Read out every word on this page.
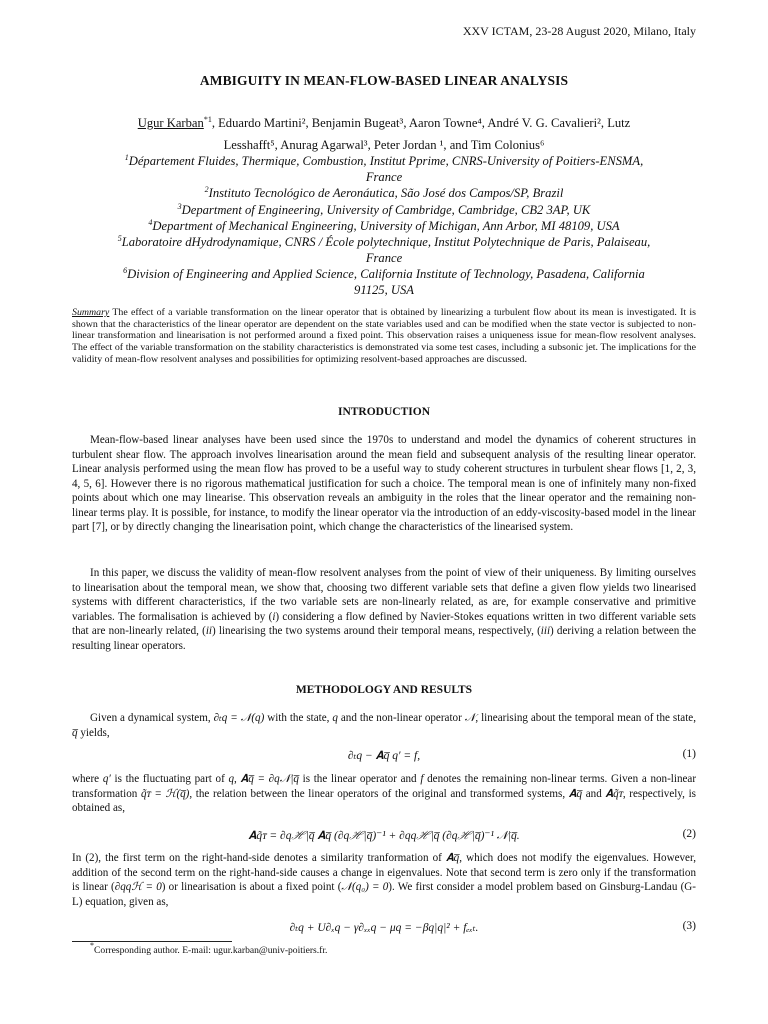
XXV ICTAM, 23-28 August 2020, Milano, Italy
AMBIGUITY IN MEAN-FLOW-BASED LINEAR ANALYSIS
Ugur Karban$^{*1}$, Eduardo Martini², Benjamin Bugeat³, Aaron Towne⁴, André V. G. Cavalieri², Lutz
Lesshafft⁵, Anurag Agarwal³, Peter Jordan ¹, and Tim Colonius⁶
$^1$Département Fluides, Thermique, Combustion, Institut Pprime, CNRS-University of Poitiers-ENSMA,
France
$^2$Instituto Tecnológico de Aeronáutica, São José dos Campos/SP, Brazil
$^3$Department of Engineering, University of Cambridge, Cambridge, CB2 3AP, UK
$^4$Department of Mechanical Engineering, University of Michigan, Ann Arbor, MI 48109, USA
$^5$Laboratoire dHydrodynamique, CNRS / École polytechnique, Institut Polytechnique de Paris, Palaiseau,
France
$^6$Division of Engineering and Applied Science, California Institute of Technology, Pasadena, California
91125, USA
Summary The effect of a variable transformation on the linear operator that is obtained by linearizing a turbulent flow about its mean is investigated. It is shown that the characteristics of the linear operator are dependent on the state variables used and can be modified when the state vector is subjected to non-linear transformation and linearisation is not performed around a fixed point. This observation raises a uniqueness issue for mean-flow resolvent analyses. The effect of the variable transformation on the stability characteristics is demonstrated via some test cases, including a subsonic jet. The implications for the validity of mean-flow resolvent analyses and possibilities for optimizing resolvent-based approaches are discussed.
INTRODUCTION
Mean-flow-based linear analyses have been used since the 1970s to understand and model the dynamics of coherent structures in turbulent shear flow. The approach involves linearisation around the mean field and subsequent analysis of the resulting linear operator. Linear analysis performed using the mean flow has proved to be a useful way to study coherent structures in turbulent shear flows [1, 2, 3, 4, 5, 6]. However there is no rigorous mathematical justification for such a choice. The temporal mean is one of infinitely many non-fixed points about which one may linearise. This observation reveals an ambiguity in the roles that the linear operator and the remaining non-linear terms play. It is possible, for instance, to modify the linear operator via the introduction of an eddy-viscosity-based model in the linear part [7], or by directly changing the linearisation point, which change the characteristics of the linearised system.
In this paper, we discuss the validity of mean-flow resolvent analyses from the point of view of their uniqueness. By limiting ourselves to linearisation about the temporal mean, we show that, choosing two different variable sets that define a given flow yields two linearised systems with different characteristics, if the two variable sets are non-linearly related, as are, for example conservative and primitive variables. The formalisation is achieved by (i) considering a flow defined by Navier-Stokes equations written in two different variable sets that are non-linearly related, (ii) linearising the two systems around their temporal means, respectively, (iii) deriving a relation between the resulting linear operators.
METHODOLOGY AND RESULTS
Given a dynamical system, ∂ₜq = 𝒩(q) with the state, q and the non-linear operator 𝒩, linearising about the temporal mean of the state, q̅ yields,
∂ₜq − 𝐀q̅ q′ = f,	(1)
where q′ is the fluctuating part of q, 𝐀q̅ = ∂q𝒩|q̅ is the linear operator and f denotes the remaining non-linear terms. Given a non-linear transformation q̃ᴛ = ℋ(q̅), the relation between the linear operators of the original and transformed systems, 𝐀q̅ and 𝐀q̃ᴛ, respectively, is obtained as,
𝐀q̃ᴛ = ∂qℋ|q̅ 𝐀q̅ (∂qℋ|q̅)⁻¹ + ∂qqℋ|q̅ (∂qℋ|q̅)⁻¹ 𝒩|q̅.	(2)
In (2), the first term on the right-hand-side denotes a similarity tranformation of 𝐀q̅, which does not modify the eigenvalues. However, addition of the second term on the right-hand-side causes a change in eigenvalues. Note that second term is zero only if the transformation is linear (∂qqℋ = 0) or linearisation is about a fixed point (𝒩(q₀) = 0). We first consider a model problem based on Ginsburg-Landau (G-L) equation, given as,
∂ₜq + U∂ₓq − γ∂ₓₓq − μq = −βq|q|² + fₑₓₜ.	(3)
*Corresponding author. E-mail: ugur.karban@univ-poitiers.fr.
